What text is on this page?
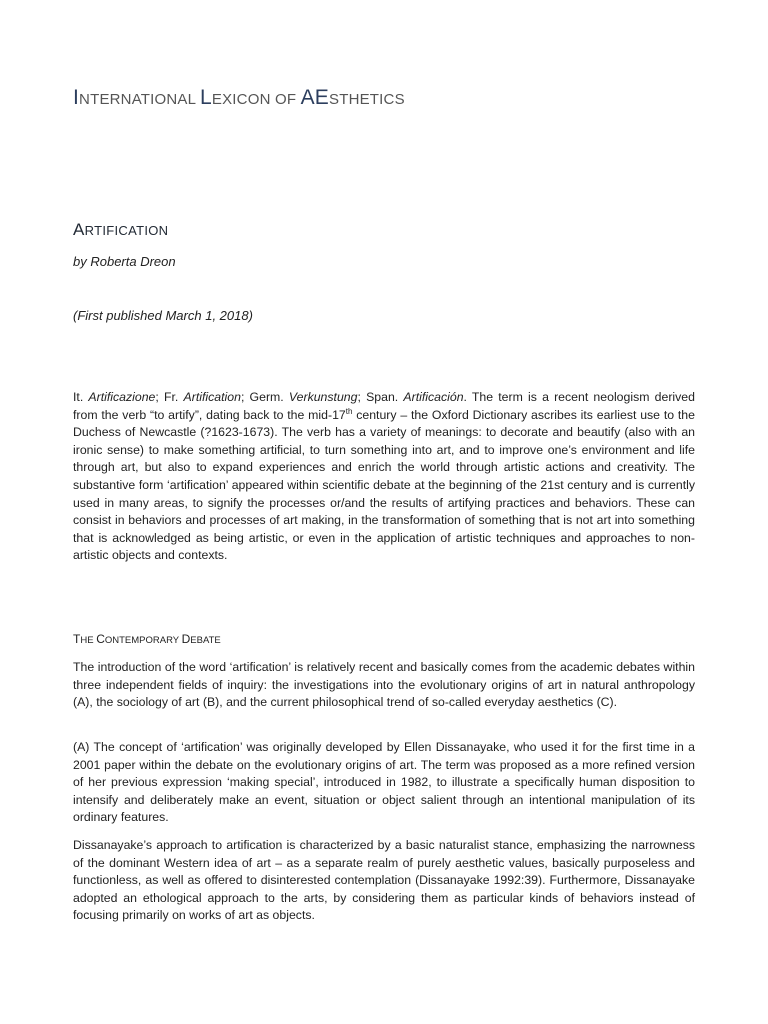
INTERNATIONAL LEXICON OF AESTHETICS
ARTIFICATION
by Roberta Dreon
(First published March 1, 2018)

It. Artificazione; Fr. Artification; Germ. Verkunstung; Span. Artificación. The term is a recent neologism derived from the verb “to artify”, dating back to the mid-17th century – the Oxford Dictionary ascribes its earliest use to the Duchess of Newcastle (?1623-1673). The verb has a variety of meanings: to decorate and beautify (also with an ironic sense) to make something artificial, to turn something into art, and to improve one’s environment and life through art, but also to expand experiences and enrich the world through artistic actions and creativity. The substantive form ‘artification’ appeared within scientific debate at the beginning of the 21st century and is currently used in many areas, to signify the processes or/and the results of artifying practices and behaviors. These can consist in behaviors and processes of art making, in the transformation of something that is not art into something that is acknowledged as being artistic, or even in the application of artistic techniques and approaches to non-artistic objects and contexts.

THE CONTEMPORARY DEBATE

The introduction of the word ‘artification’ is relatively recent and basically comes from the academic debates within three independent fields of inquiry: the investigations into the evolutionary origins of art in natural anthropology (A), the sociology of art (B), and the current philosophical trend of so-called everyday aesthetics (C).

(A) The concept of ‘artification’ was originally developed by Ellen Dissanayake, who used it for the first time in a 2001 paper within the debate on the evolutionary origins of art. The term was proposed as a more refined version of her previous expression ‘making special’, introduced in 1982, to illustrate a specifically human disposition to intensify and deliberately make an event, situation or object salient through an intentional manipulation of its ordinary features.

Dissanayake’s approach to artification is characterized by a basic naturalist stance, emphasizing the narrowness of the dominant Western idea of art – as a separate realm of purely aesthetic values, basically purposeless and functionless, as well as offered to disinterested contemplation (Dissanayake 1992:39). Furthermore, Dissanayake adopted an ethological approach to the arts, by considering them as particular kinds of behaviors instead of focusing primarily on works of art as objects.
